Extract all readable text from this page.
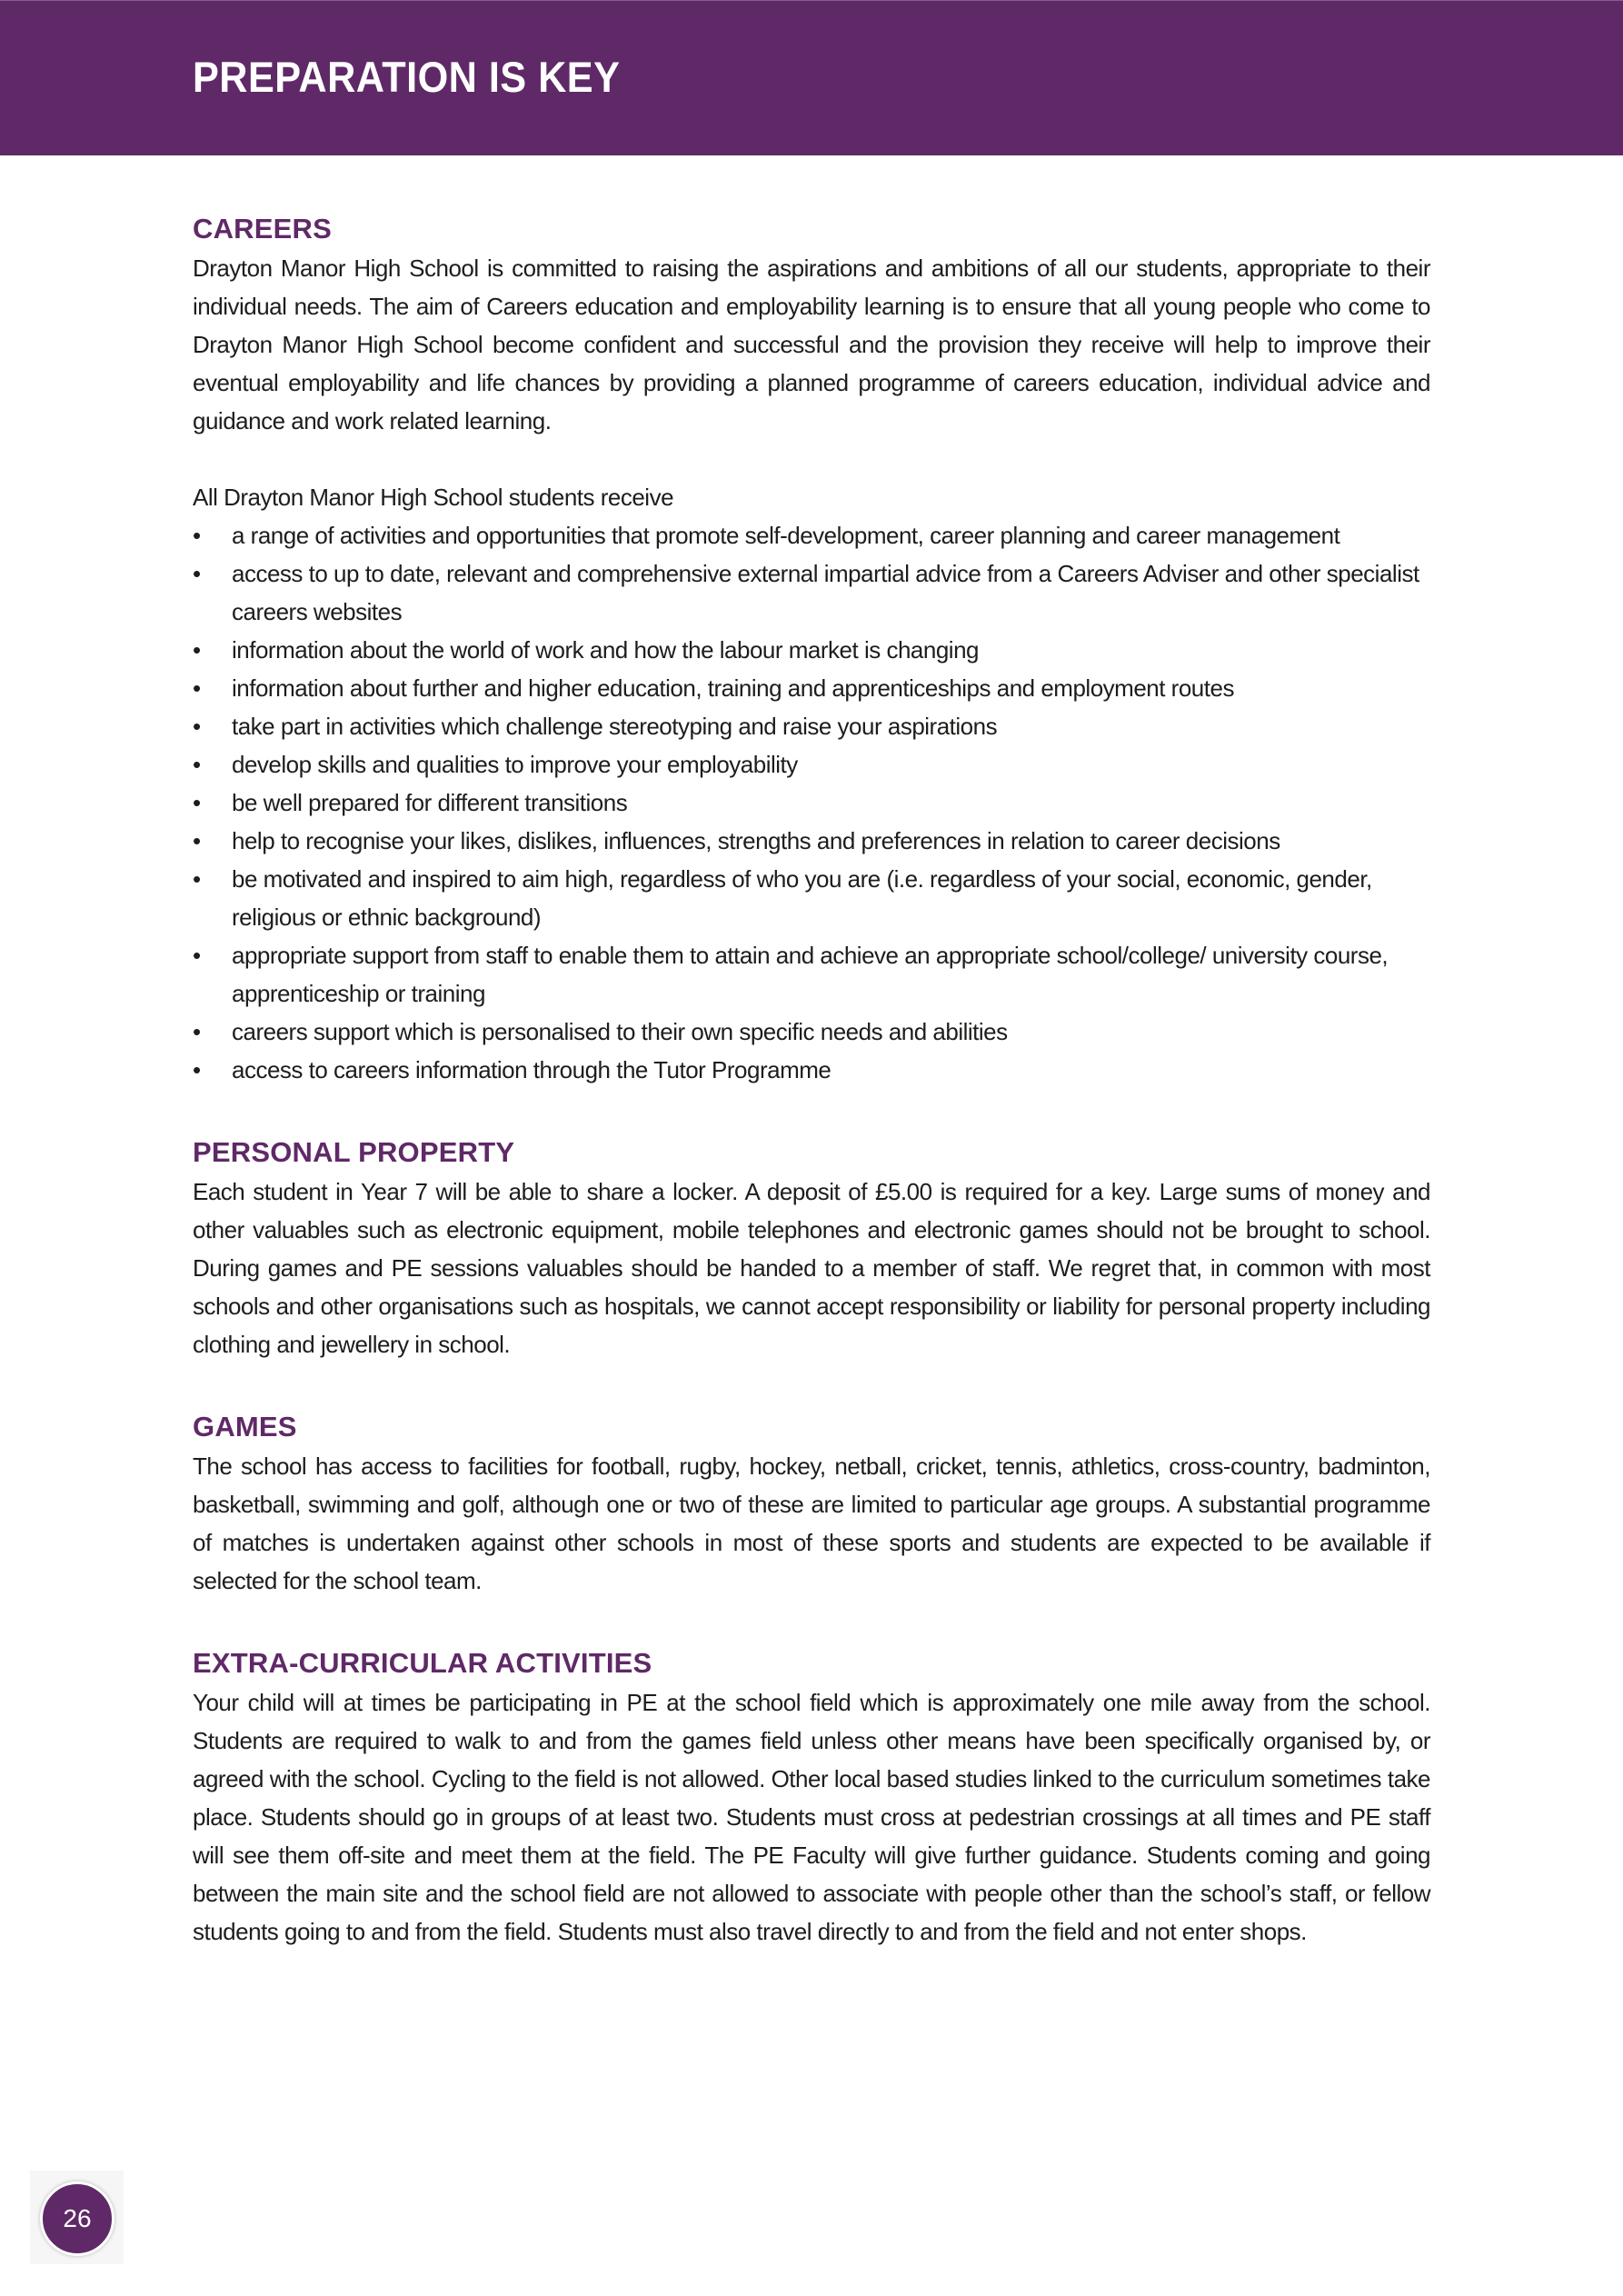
PREPARATION IS KEY
CAREERS

Drayton Manor High School is committed to raising the aspirations and ambitions of all our students, appropriate to their individual needs. The aim of Careers education and employability learning is to ensure that all young people who come to Drayton Manor High School become confident and successful and the provision they receive will help to improve their eventual employability and life chances by providing a planned programme of careers education, individual advice and guidance and work related learning.

All Drayton Manor High School students receive

•	a range of activities and opportunities that promote self-development, career planning and career management
•	access to up to date, relevant and comprehensive external impartial advice from a Careers Adviser and other specialist careers websites
•	information about the world of work and how the labour market is changing
•	information about further and higher education, training and apprenticeships and employment routes
•	take part in activities which challenge stereotyping and raise your aspirations
•	develop skills and qualities to improve your employability
•	be well prepared for different transitions
•	help to recognise your likes, dislikes, influences, strengths and preferences in relation to career decisions
•	be motivated and inspired to aim high, regardless of who you are (i.e. regardless of your social, economic, gender, religious or ethnic background)
•	appropriate support from staff to enable them to attain and achieve an appropriate school/college/ university course, apprenticeship or training
•	careers support which is personalised to their own specific needs and abilities
•	access to careers information through the Tutor Programme
PERSONAL PROPERTY

Each student in Year 7 will be able to share a locker. A deposit of £5.00 is required for a key. Large sums of money and other valuables such as electronic equipment, mobile telephones and electronic games should not be brought to school. During games and PE sessions valuables should be handed to a member of staff. We regret that, in common with most schools and other organisations such as hospitals, we cannot accept responsibility or liability for personal property including clothing and jewellery in school.

GAMES

The school has access to facilities for football, rugby, hockey, netball, cricket, tennis, athletics, cross-country, badminton, basketball, swimming and golf, although one or two of these are limited to particular age groups. A substantial programme of matches is undertaken against other schools in most of these sports and students are expected to be available if selected for the school team.

EXTRA-CURRICULAR ACTIVITIES

Your child will at times be participating in PE at the school field which is approximately one mile away from the school. Students are required to walk to and from the games field unless other means have been specifically organised by, or agreed with the school. Cycling to the field is not allowed. Other local based studies linked to the curriculum sometimes take place. Students should go in groups of at least two. Students must cross at pedestrian crossings at all times and PE staff will see them off-site and meet them at the field. The PE Faculty will give further guidance. Students coming and going between the main site and the school field are not allowed to associate with people other than the school’s staff, or fellow students going to and from the field. Students must also travel directly to and from the field and not enter shops.

26
